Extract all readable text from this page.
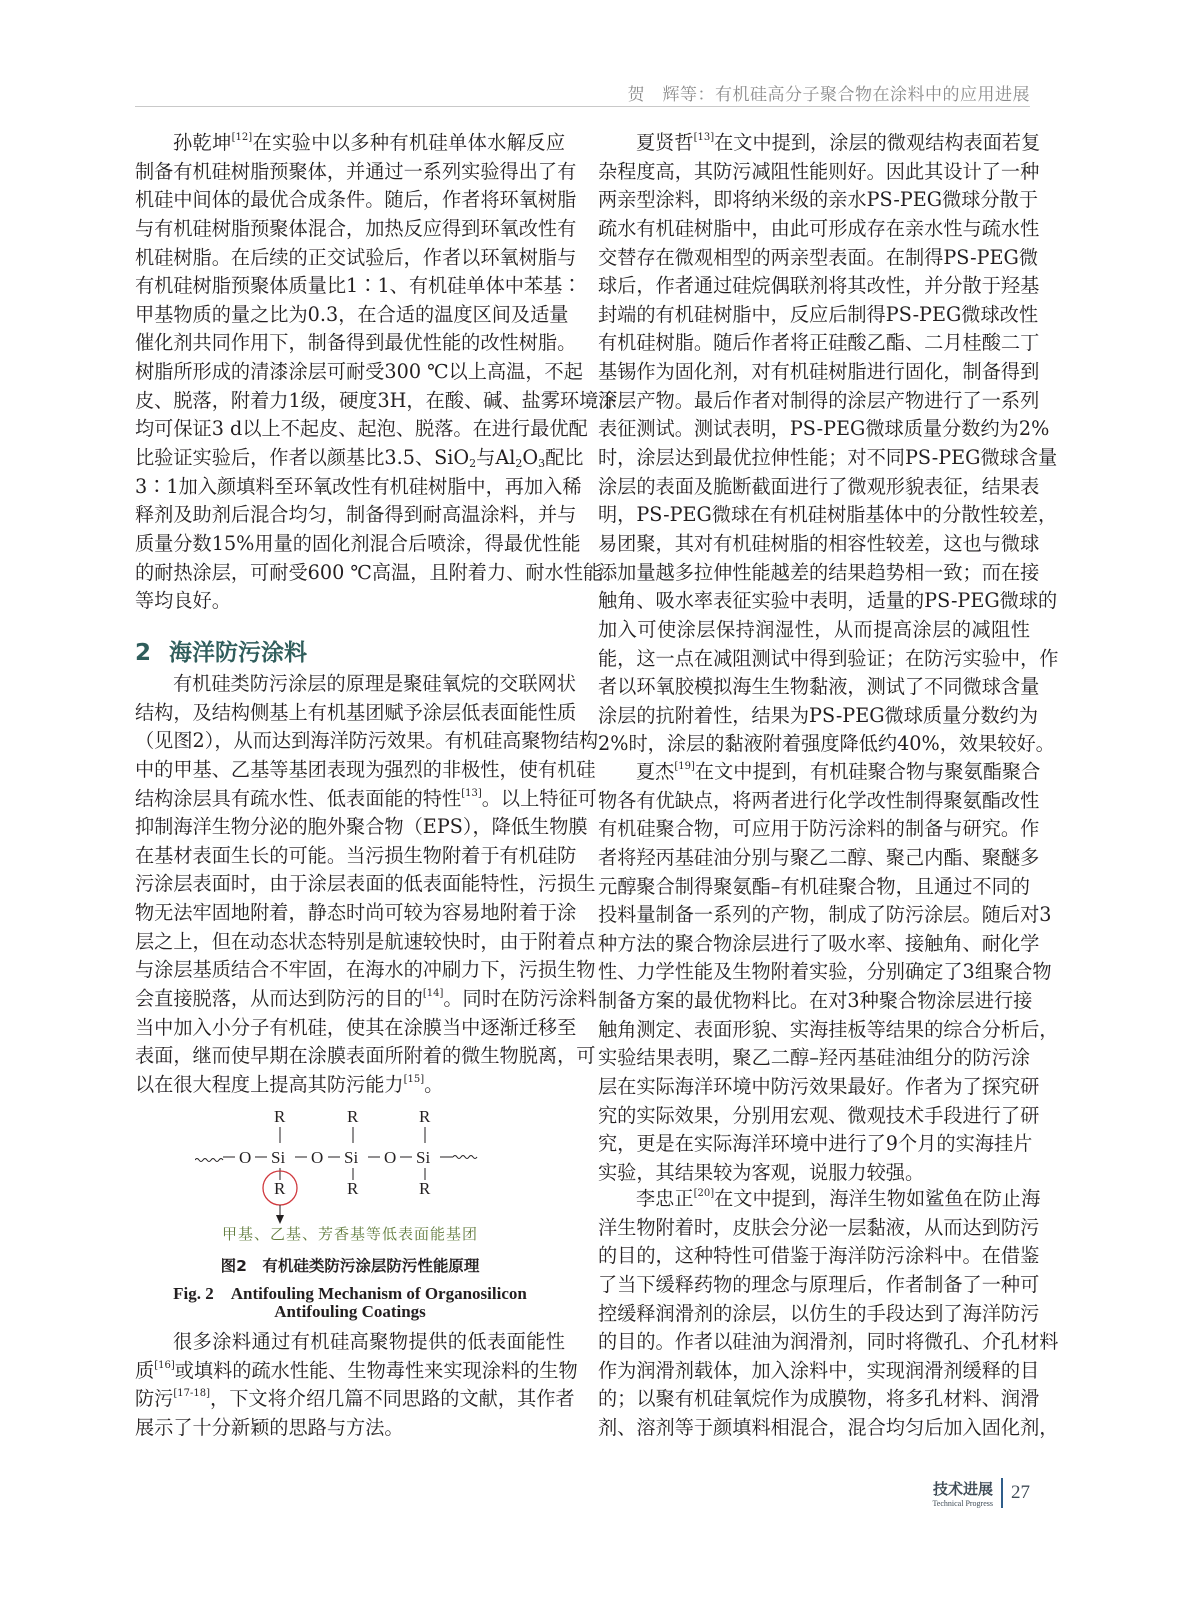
贺　辉等：有机硅高分子聚合物在涂料中的应用进展
孙乾坤[12]在实验中以多种有机硅单体水解反应
制备有机硅树脂预聚体，并通过一系列实验得出了有
机硅中间体的最优合成条件。随后，作者将环氧树脂
与有机硅树脂预聚体混合，加热反应得到环氧改性有
机硅树脂。在后续的正交试验后，作者以环氧树脂与
有机硅树脂预聚体质量比1∶1、有机硅单体中苯基∶
甲基物质的量之比为0.3，在合适的温度区间及适量
催化剂共同作用下，制备得到最优性能的改性树脂。
树脂所形成的清漆涂层可耐受300 ℃以上高温，不起
皮、脱落，附着力1级，硬度3H，在酸、碱、盐雾环境下
均可保证3 d以上不起皮、起泡、脱落。在进行最优配
比验证实验后，作者以颜基比3.5、SiO$_2$与$Al_2O_3$配比
3∶1加入颜填料至环氧改性有机硅树脂中，再加入稀
释剂及助剂后混合均匀，制备得到耐高温涂料，并与
质量分数15%用量的固化剂混合后喷涂，得最优性能
的耐热涂层，可耐受600 ℃高温，且附着力、耐水性能
等均良好。
2 海洋防污涂料
有机硅类防污涂层的原理是聚硅氧烷的交联网状
结构，及结构侧基上有机基团赋予涂层低表面能性质
（见图2），从而达到海洋防污效果。有机硅高聚物结构
中的甲基、乙基等基团表现为强烈的非极性，使有机硅
结构涂层具有疏水性、低表面能的特性[13]。以上特征可
抑制海洋生物分泌的胞外聚合物（EPS），降低生物膜
在基材表面生长的可能。当污损生物附着于有机硅防
污涂层表面时，由于涂层表面的低表面能特性，污损生
物无法牢固地附着，静态时尚可较为容易地附着于涂
层之上，但在动态状态特别是航速较快时，由于附着点
与涂层基质结合不牢固，在海水的冲刷力下，污损生物
会直接脱落，从而达到防污的目的[14]。同时在防污涂料
当中加入小分子有机硅，使其在涂膜当中逐渐迁移至
表面，继而使早期在涂膜表面所附着的微生物脱离，可
以在很大程度上提高其防污能力[15]。
O Si
R
R
O Si
R
R
O Si
R
R
甲基、乙基、芳香基等低表面能基团
图2　有机硅类防污涂层防污性能原理
Fig. 2　Antifouling Mechanism of Organosilicon
Antifouling Coatings
很多涂料通过有机硅高聚物提供的低表面能性
质[16]或填料的疏水性能、生物毒性来实现涂料的生物
防污[17-18]，下文将介绍几篇不同思路的文献，其作者
展示了十分新颖的思路与方法。
夏贤哲[13]在文中提到，涂层的微观结构表面若复
杂程度高，其防污减阻性能则好。因此其设计了一种
两亲型涂料，即将纳米级的亲水PS-PEG微球分散于
疏水有机硅树脂中，由此可形成存在亲水性与疏水性
交替存在微观相型的两亲型表面。在制得PS-PEG微
球后，作者通过硅烷偶联剂将其改性，并分散于羟基
封端的有机硅树脂中，反应后制得PS-PEG微球改性
有机硅树脂。随后作者将正硅酸乙酯、二月桂酸二丁
基锡作为固化剂，对有机硅树脂进行固化，制备得到
涂层产物。最后作者对制得的涂层产物进行了一系列
表征测试。测试表明，PS-PEG微球质量分数约为2%
时，涂层达到最优拉伸性能；对不同PS-PEG微球含量
涂层的表面及脆断截面进行了微观形貌表征，结果表
明，PS-PEG微球在有机硅树脂基体中的分散性较差，
易团聚，其对有机硅树脂的相容性较差，这也与微球
添加量越多拉伸性能越差的结果趋势相一致；而在接
触角、吸水率表征实验中表明，适量的PS-PEG微球的
加入可使涂层保持润湿性，从而提高涂层的减阻性
能，这一点在减阻测试中得到验证；在防污实验中，作
者以环氧胶模拟海生生物黏液，测试了不同微球含量
涂层的抗附着性，结果为PS-PEG微球质量分数约为
2%时，涂层的黏液附着强度降低约40%，效果较好。
夏杰[19]在文中提到，有机硅聚合物与聚氨酯聚合
物各有优缺点，将两者进行化学改性制得聚氨酯改性
有机硅聚合物，可应用于防污涂料的制备与研究。作
者将羟丙基硅油分别与聚乙二醇、聚己内酯、聚醚多
元醇聚合制得聚氨酯–有机硅聚合物，且通过不同的
投料量制备一系列的产物，制成了防污涂层。随后对3
种方法的聚合物涂层进行了吸水率、接触角、耐化学
性、力学性能及生物附着实验，分别确定了3组聚合物
制备方案的最优物料比。在对3种聚合物涂层进行接
触角测定、表面形貌、实海挂板等结果的综合分析后，
实验结果表明，聚乙二醇–羟丙基硅油组分的防污涂
层在实际海洋环境中防污效果最好。作者为了探究研
究的实际效果，分别用宏观、微观技术手段进行了研
究，更是在实际海洋环境中进行了9个月的实海挂片
实验，其结果较为客观，说服力较强。
李忠正[20]在文中提到，海洋生物如鲨鱼在防止海
洋生物附着时，皮肤会分泌一层黏液，从而达到防污
的目的，这种特性可借鉴于海洋防污涂料中。在借鉴
了当下缓释药物的理念与原理后，作者制备了一种可
控缓释润滑剂的涂层，以仿生的手段达到了海洋防污
的目的。作者以硅油为润滑剂，同时将微孔、介孔材料
作为润滑剂载体，加入涂料中，实现润滑剂缓释的目
的；以聚有机硅氧烷作为成膜物，将多孔材料、润滑
剂、溶剂等于颜填料相混合，混合均匀后加入固化剂，
技术进展
Technical Progress
27
